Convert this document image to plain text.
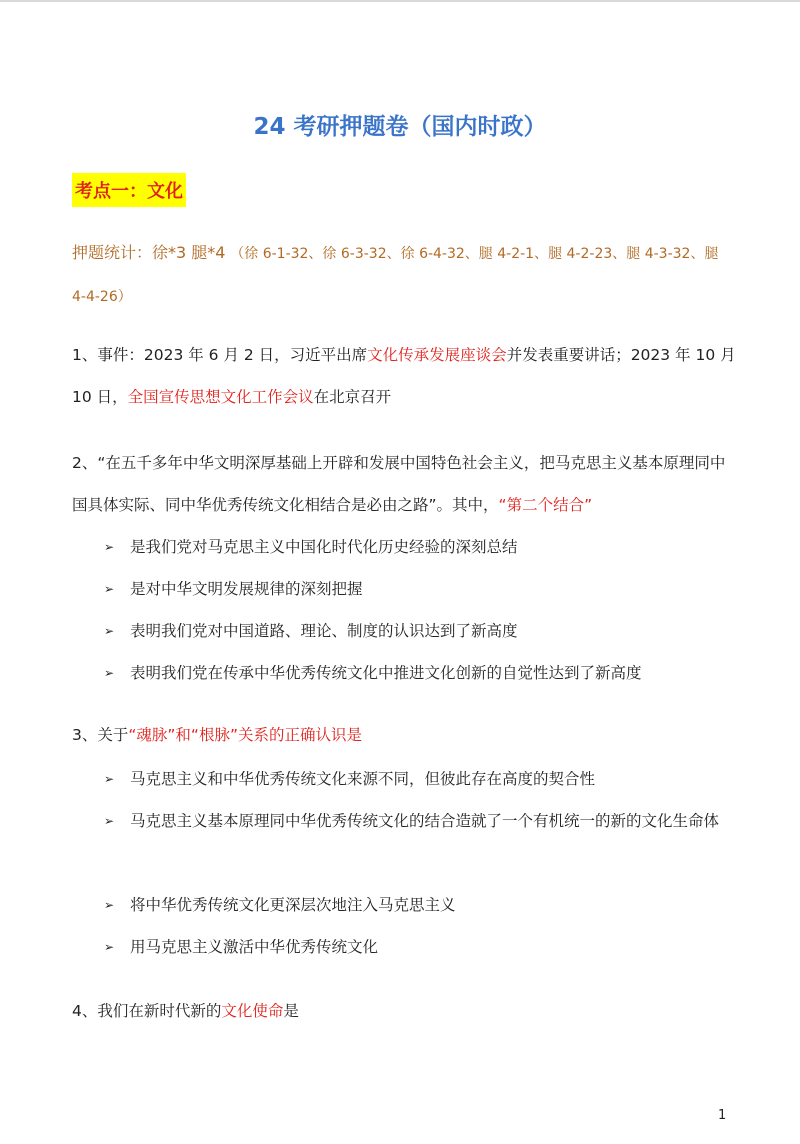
24 考研押题卷（国内时政）
考点一：文化
押题统计：徐*3 腿*4 （徐 6-1-32、徐 6-3-32、徐 6-4-32、腿 4-2-1、腿 4-2-23、腿 4-3-32、腿 4-4-26）
1、事件：2023 年 6 月 2 日，习近平出席文化传承发展座谈会并发表重要讲话；2023 年 10 月 10 日，全国宣传思想文化工作会议在北京召开
2、“在五千多年中华文明深厚基础上开辟和发展中国特色社会主义，把马克思主义基本原理同中国具体实际、同中华优秀传统文化相结合是必由之路”。其中，“第二个结合”
➢	是我们党对马克思主义中国化时代化历史经验的深刻总结
➢	是对中华文明发展规律的深刻把握
➢	表明我们党对中国道路、理论、制度的认识达到了新高度
➢	表明我们党在传承中华优秀传统文化中推进文化创新的自觉性达到了新高度
3、关于“魂脉”和“根脉”关系的正确认识是
➢	马克思主义和中华优秀传统文化来源不同，但彼此存在高度的契合性
➢	马克思主义基本原理同中华优秀传统文化的结合造就了一个有机统一的新的文化生命体
➢	将中华优秀传统文化更深层次地注入马克思主义
➢	用马克思主义激活中华优秀传统文化
4、我们在新时代新的文化使命是
1
